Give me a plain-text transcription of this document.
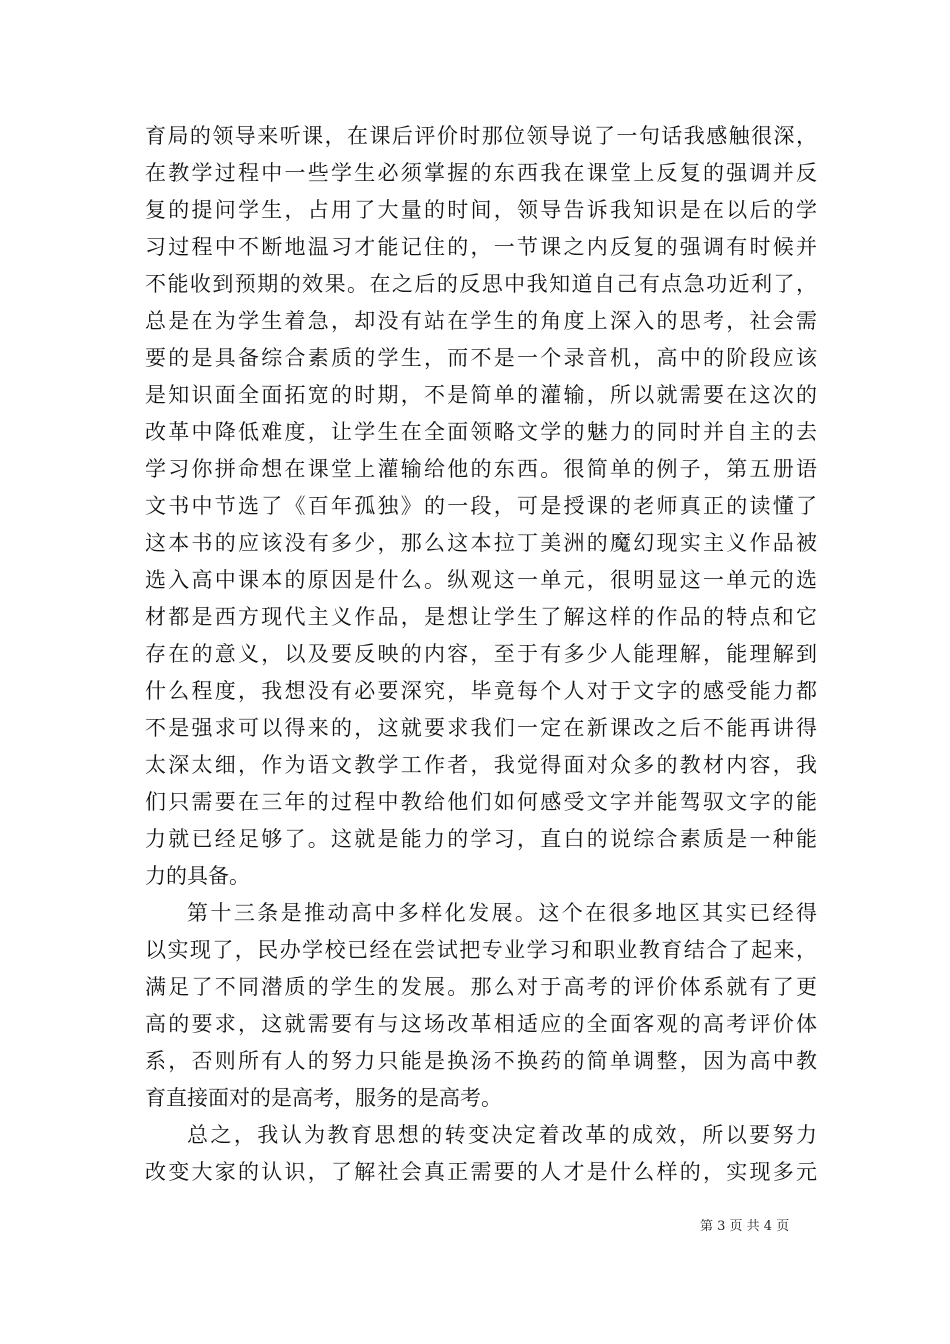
育局的领导来听课，在课后评价时那位领导说了一句话我感触很深，
在教学过程中一些学生必须掌握的东西我在课堂上反复的强调并反
复的提问学生，占用了大量的时间，领导告诉我知识是在以后的学
习过程中不断地温习才能记住的，一节课之内反复的强调有时候并
不能收到预期的效果。在之后的反思中我知道自己有点急功近利了，
总是在为学生着急，却没有站在学生的角度上深入的思考，社会需
要的是具备综合素质的学生，而不是一个录音机，高中的阶段应该
是知识面全面拓宽的时期，不是简单的灌输，所以就需要在这次的
改革中降低难度，让学生在全面领略文学的魅力的同时并自主的去
学习你拼命想在课堂上灌输给他的东西。很简单的例子，第五册语
文书中节选了《百年孤独》的一段，可是授课的老师真正的读懂了
这本书的应该没有多少，那么这本拉丁美洲的魔幻现实主义作品被
选入高中课本的原因是什么。纵观这一单元，很明显这一单元的选
材都是西方现代主义作品，是想让学生了解这样的作品的特点和它
存在的意义，以及要反映的内容，至于有多少人能理解，能理解到
什么程度，我想没有必要深究，毕竟每个人对于文字的感受能力都
不是强求可以得来的，这就要求我们一定在新课改之后不能再讲得
太深太细，作为语文教学工作者，我觉得面对众多的教材内容，我
们只需要在三年的过程中教给他们如何感受文字并能驾驭文字的能
力就已经足够了。这就是能力的学习，直白的说综合素质是一种能
力的具备。
第十三条是推动高中多样化发展。这个在很多地区其实已经得
以实现了，民办学校已经在尝试把专业学习和职业教育结合了起来，
满足了不同潜质的学生的发展。那么对于高考的评价体系就有了更
高的要求，这就需要有与这场改革相适应的全面客观的高考评价体
系，否则所有人的努力只能是换汤不换药的简单调整，因为高中教
育直接面对的是高考，服务的是高考。
总之，我认为教育思想的转变决定着改革的成效，所以要努力
改变大家的认识，了解社会真正需要的人才是什么样的，实现多元
第 3 页 共 4 页
